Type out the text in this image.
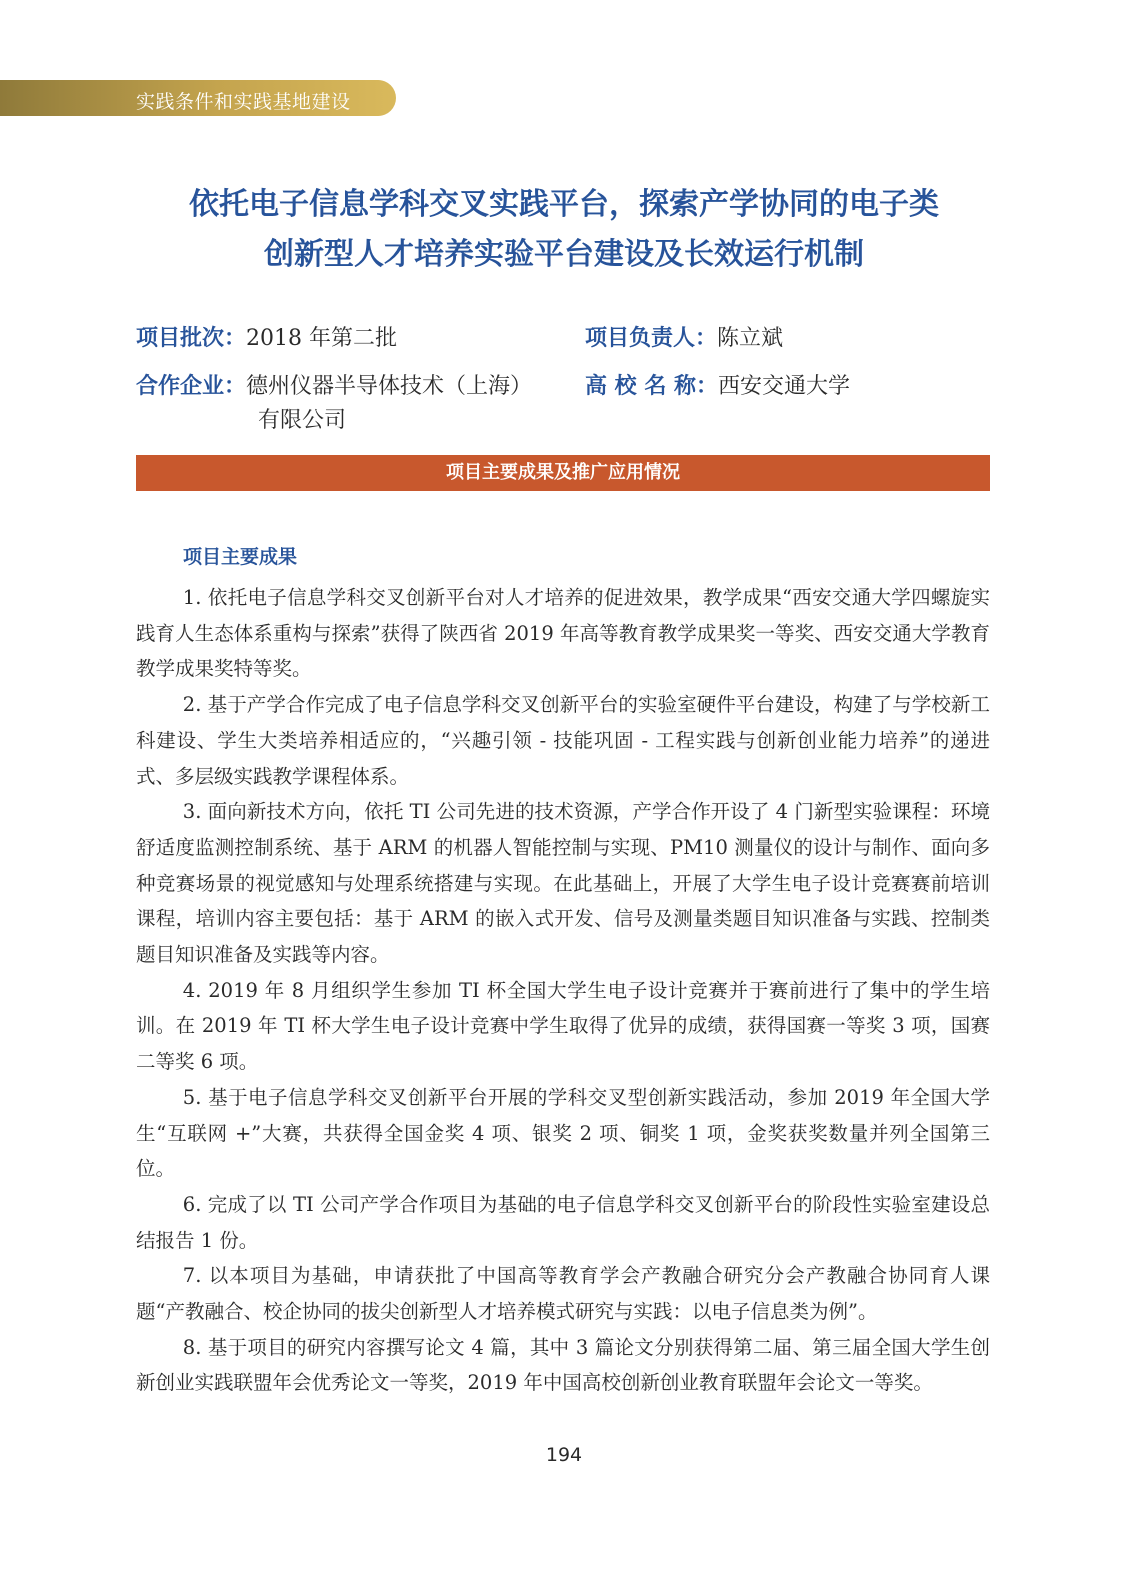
实践条件和实践基地建设
依托电子信息学科交叉实践平台，探索产学协同的电子类
创新型人才培养实验平台建设及长效运行机制
项目批次：2018 年第二批	项目负责人：陈立斌
合作企业：德州仪器半导体技术（上海）
有限公司
高 校 名 称：西安交通大学
项目主要成果及推广应用情况
项目主要成果

1. 依托电子信息学科交叉创新平台对人才培养的促进效果，教学成果“西安交通大学四螺旋实践育人生态体系重构与探索”获得了陕西省 2019 年高等教育教学成果奖一等奖、西安交通大学教育教学成果奖特等奖。

2. 基于产学合作完成了电子信息学科交叉创新平台的实验室硬件平台建设，构建了与学校新工科建设、学生大类培养相适应的，“兴趣引领 - 技能巩固 - 工程实践与创新创业能力培养”的递进式、多层级实践教学课程体系。

3. 面向新技术方向，依托 TI 公司先进的技术资源，产学合作开设了 4 门新型实验课程：环境舒适度监测控制系统、基于 ARM 的机器人智能控制与实现、PM10 测量仪的设计与制作、面向多种竞赛场景的视觉感知与处理系统搭建与实现。在此基础上，开展了大学生电子设计竞赛赛前培训课程，培训内容主要包括：基于 ARM 的嵌入式开发、信号及测量类题目知识准备与实践、控制类题目知识准备及实践等内容。

4. 2019 年 8 月组织学生参加 TI 杯全国大学生电子设计竞赛并于赛前进行了集中的学生培训。在 2019 年 TI 杯大学生电子设计竞赛中学生取得了优异的成绩，获得国赛一等奖 3 项，国赛二等奖 6 项。

5. 基于电子信息学科交叉创新平台开展的学科交叉型创新实践活动，参加 2019 年全国大学生“互联网 +”大赛，共获得全国金奖 4 项、银奖 2 项、铜奖 1 项，金奖获奖数量并列全国第三位。

6. 完成了以 TI 公司产学合作项目为基础的电子信息学科交叉创新平台的阶段性实验室建设总结报告 1 份。

7. 以本项目为基础，申请获批了中国高等教育学会产教融合研究分会产教融合协同育人课题“产教融合、校企协同的拔尖创新型人才培养模式研究与实践：以电子信息类为例”。

8. 基于项目的研究内容撰写论文 4 篇，其中 3 篇论文分别获得第二届、第三届全国大学生创新创业实践联盟年会优秀论文一等奖，2019 年中国高校创新创业教育联盟年会论文一等奖。

194
